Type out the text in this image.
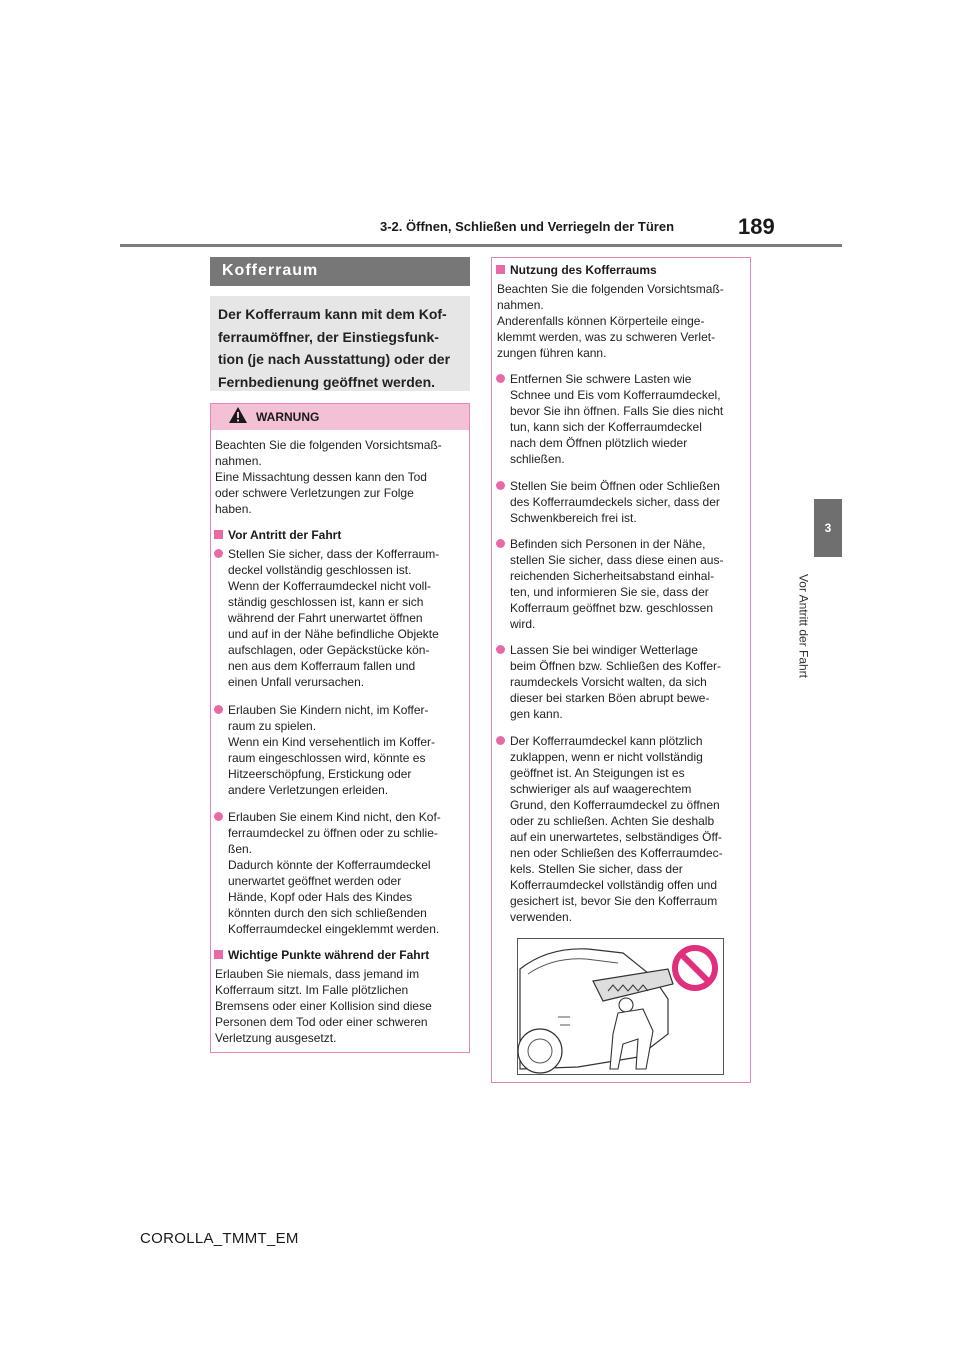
189
3-2. Öffnen, Schließen und Verriegeln der Türen
3
Vor Antritt der Fahrt
Kofferraum
Der Kofferraum kann mit dem Kof-
ferraumöffner, der Einstiegsfunk-
tion (je nach Ausstattung) oder der
Fernbedienung geöffnet werden.
WARNUNG

Beachten Sie die folgenden Vorsichtsmaß-

nahmen.

Eine Missachtung dessen kann den Tod

oder schwere Verletzungen zur Folge

haben.

Vor Antritt der Fahrt

Stellen Sie sicher, dass der Kofferraum-

deckel vollständig geschlossen ist.

Wenn der Kofferraumdeckel nicht voll-

ständig geschlossen ist, kann er sich

während der Fahrt unerwartet öffnen

und auf in der Nähe befindliche Objekte

aufschlagen, oder Gepäckstücke kön-

nen aus dem Kofferraum fallen und

einen Unfall verursachen.

Erlauben Sie Kindern nicht, im Koffer-

raum zu spielen.

Wenn ein Kind versehentlich im Koffer-

raum eingeschlossen wird, könnte es

Hitzeerschöpfung, Erstickung oder

andere Verletzungen erleiden.

Erlauben Sie einem Kind nicht, den Kof-

ferraumdeckel zu öffnen oder zu schlie-

ßen.

Dadurch könnte der Kofferraumdeckel

unerwartet geöffnet werden oder

Hände, Kopf oder Hals des Kindes

könnten durch den sich schließenden

Kofferraumdeckel eingeklemmt werden.

Wichtige Punkte während der Fahrt

Erlauben Sie niemals, dass jemand im

Kofferraum sitzt. Im Falle plötzlichen

Bremsens oder einer Kollision sind diese

Personen dem Tod oder einer schweren

Verletzung ausgesetzt.

Nutzung des Kofferraums

Beachten Sie die folgenden Vorsichtsmaß-

nahmen.

Anderenfalls können Körperteile einge-

klemmt werden, was zu schweren Verlet-

zungen führen kann.

Entfernen Sie schwere Lasten wie

Schnee und Eis vom Kofferraumdeckel,

bevor Sie ihn öffnen. Falls Sie dies nicht

tun, kann sich der Kofferraumdeckel

nach dem Öffnen plötzlich wieder

schließen.

Stellen Sie beim Öffnen oder Schließen

des Kofferraumdeckels sicher, dass der

Schwenkbereich frei ist.

Befinden sich Personen in der Nähe,

stellen Sie sicher, dass diese einen aus-

reichenden Sicherheitsabstand einhal-

ten, und informieren Sie sie, dass der

Kofferraum geöffnet bzw. geschlossen

wird.

Lassen Sie bei windiger Wetterlage

beim Öffnen bzw. Schließen des Koffer-

raumdeckels Vorsicht walten, da sich

dieser bei starken Böen abrupt bewe-

gen kann.

Der Kofferraumdeckel kann plötzlich

zuklappen, wenn er nicht vollständig

geöffnet ist. An Steigungen ist es

schwieriger als auf waagerechtem

Grund, den Kofferraumdeckel zu öffnen

oder zu schließen. Achten Sie deshalb

auf ein unerwartetes, selbständiges Öff-

nen oder Schließen des Kofferraumdec-

kels. Stellen Sie sicher, dass der

Kofferraumdeckel vollständig offen und

gesichert ist, bevor Sie den Kofferraum

verwenden.

COROLLA_TMMT_EM
